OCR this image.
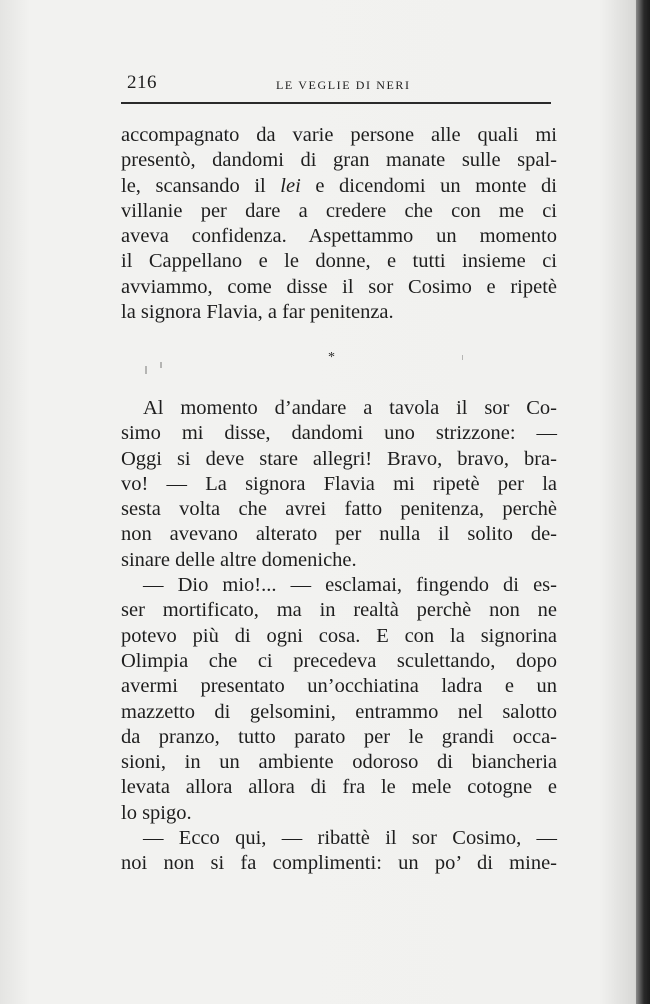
216	LE VEGLIE DI NERI
accompagnato da varie persone alle quali mi
presentò, dandomi di gran manate sulle spal-
le, scansando il lei e dicendomi un monte di
villanie per dare a credere che con me ci
aveva confidenza. Aspettammo un momento
il Cappellano e le donne, e tutti insieme ci
avviammo, come disse il sor Cosimo e ripetè
la signora Flavia, a far penitenza.
*
Al momento d’andare a tavola il sor Co-
simo mi disse, dandomi uno strizzone: —
Oggi si deve stare allegri! Bravo, bravo, bra-
vo! — La signora Flavia mi ripetè per la
sesta volta che avrei fatto penitenza, perchè
non avevano alterato per nulla il solito de-
sinare delle altre domeniche.
— Dio mio!... — esclamai, fingendo di es-
ser mortificato, ma in realtà perchè non ne
potevo più di ogni cosa. E con la signorina
Olimpia che ci precedeva sculettando, dopo
avermi presentato un’occhiatina ladra e un
mazzetto di gelsomini, entrammo nel salotto
da pranzo, tutto parato per le grandi occa-
sioni, in un ambiente odoroso di biancheria
levata allora allora di fra le mele cotogne e
lo spigo.
— Ecco qui, — ribattè il sor Cosimo, —
noi non si fa complimenti: un po’ di mine-
